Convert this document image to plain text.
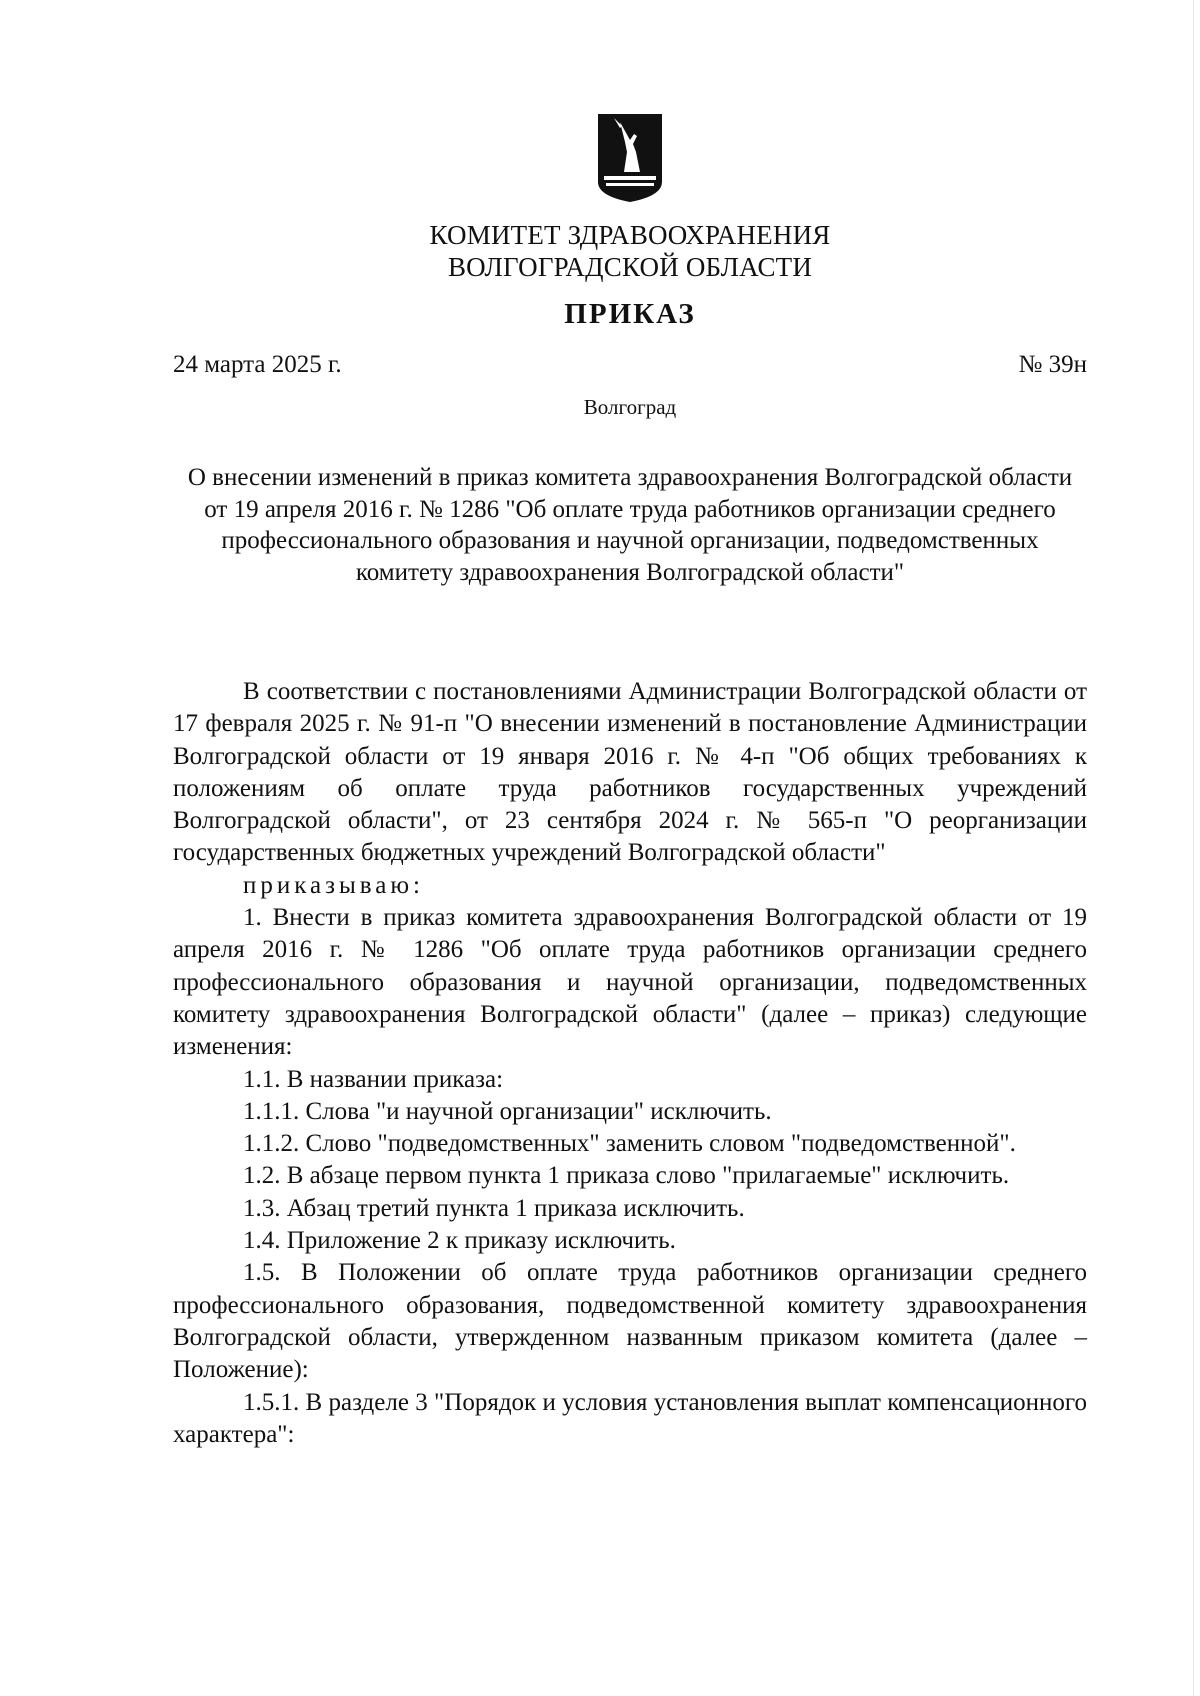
КОМИТЕТ ЗДРАВООХРАНЕНИЯ
ВОЛГОГРАДСКОЙ ОБЛАСТИ
ПРИКАЗ
24 марта 2025 г.	№ 39н
Волгоград
О внесении изменений в приказ комитета здравоохранения Волгоградской области от 19 апреля 2016 г. № 1286 "Об оплате труда работников организации среднего профессионального образования и научной организации, подведомственных комитету здравоохранения Волгоградской области"

В соответствии с постановлениями Администрации Волгоградской области от 17 февраля 2025 г. № 91-п "О внесении изменений в постановление Администрации Волгоградской области от 19 января 2016 г. № 4-п "Об общих требованиях к положениям об оплате труда работников государственных учреждений Волгоградской области", от 23 сентября 2024 г. № 565-п "О реорганизации государственных бюджетных учреждений Волгоградской области"

приказываю:

1. Внести в приказ комитета здравоохранения Волгоградской области от 19 апреля 2016 г. № 1286 "Об оплате труда работников организации среднего профессионального образования и научной организации, подведомственных комитету здравоохранения Волгоградской области" (далее – приказ) следующие изменения:

1.1. В названии приказа:

1.1.1. Слова "и научной организации" исключить.

1.1.2. Слово "подведомственных" заменить словом "подведомственной".

1.2. В абзаце первом пункта 1 приказа слово "прилагаемые" исключить.

1.3. Абзац третий пункта 1 приказа исключить.

1.4. Приложение 2 к приказу исключить.

1.5. В Положении об оплате труда работников организации среднего профессионального образования, подведомственной комитету здравоохранения Волгоградской области, утвержденном названным приказом комитета (далее – Положение):

1.5.1. В разделе 3 "Порядок и условия установления выплат компенсационного характера":
